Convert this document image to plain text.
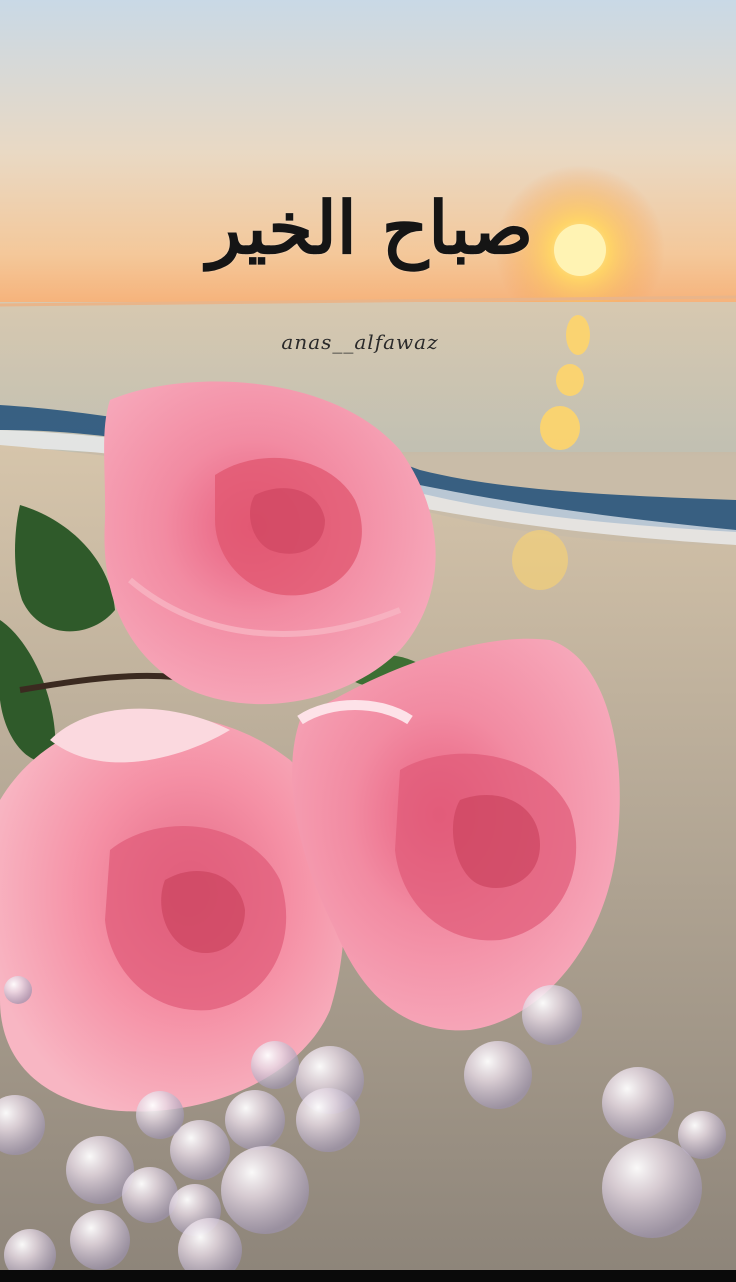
صباح الخير
anas__alfawaz
